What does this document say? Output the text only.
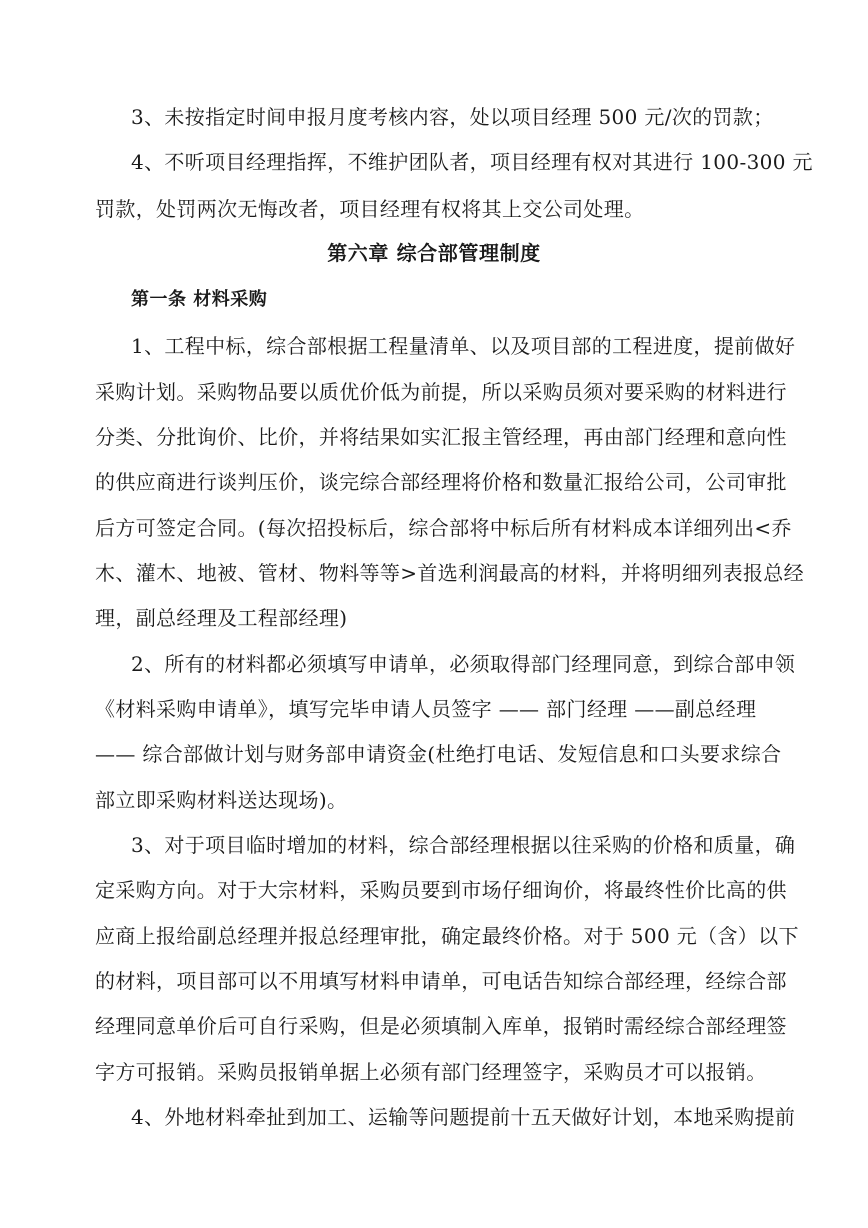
3、未按指定时间申报月度考核内容，处以项目经理 500 元/次的罚款；
4、不听项目经理指挥，不维护团队者，项目经理有权对其进行 100-300 元
罚款，处罚两次无悔改者，项目经理有权将其上交公司处理。
第六章 综合部管理制度
第一条 材料采购
1、工程中标，综合部根据工程量清单、以及项目部的工程进度，提前做好
采购计划。采购物品要以质优价低为前提，所以采购员须对要采购的材料进行
分类、分批询价、比价，并将结果如实汇报主管经理，再由部门经理和意向性
的供应商进行谈判压价，谈完综合部经理将价格和数量汇报给公司，公司审批
后方可签定合同。(每次招投标后，综合部将中标后所有材料成本详细列出<乔
木、灌木、地被、管材、物料等等>首选利润最高的材料，并将明细列表报总经
理，副总经理及工程部经理)
2、所有的材料都必须填写申请单，必须取得部门经理同意，到综合部申领
《材料采购申请单》，填写完毕申请人员签字 —— 部门经理 ——副总经理
—— 综合部做计划与财务部申请资金(杜绝打电话、发短信息和口头要求综合
部立即采购材料送达现场)。
3、对于项目临时增加的材料，综合部经理根据以往采购的价格和质量，确
定采购方向。对于大宗材料，采购员要到市场仔细询价，将最终性价比高的供
应商上报给副总经理并报总经理审批，确定最终价格。对于 500 元（含）以下
的材料，项目部可以不用填写材料申请单，可电话告知综合部经理，经综合部
经理同意单价后可自行采购，但是必须填制入库单，报销时需经综合部经理签
字方可报销。采购员报销单据上必须有部门经理签字，采购员才可以报销。
4、外地材料牵扯到加工、运输等问题提前十五天做好计划，本地采购提前
